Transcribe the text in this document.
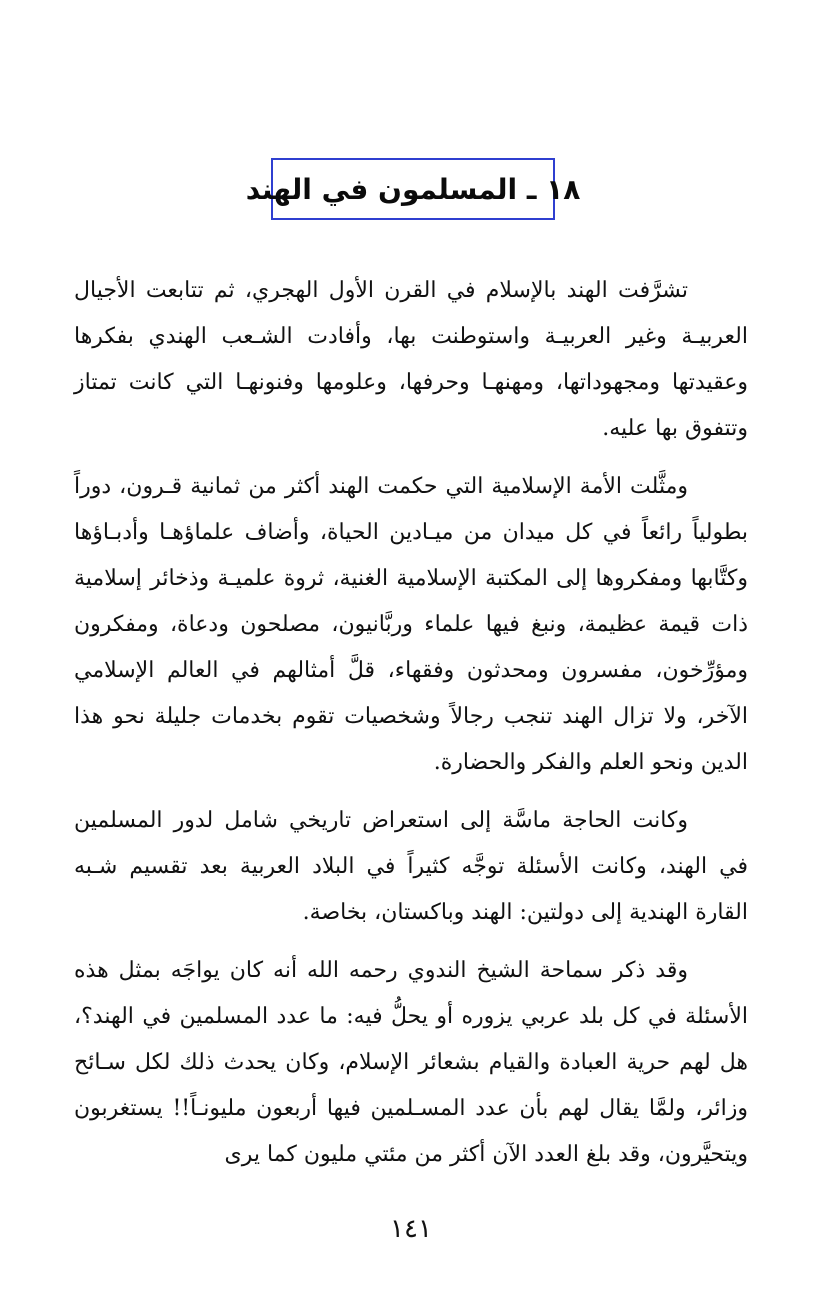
١٨ ـ المسلمون في الهند

تشرَّفت الهند بالإسلام في القرن الأول الهجري، ثم تتابعت الأجيال العربيـة وغير العربيـة واستوطنت بها، وأفادت الشـعب الهندي بفكرها وعقيدتها ومجهوداتها، ومهنهـا وحرفها، وعلومها وفنونهـا التي كانت تمتاز وتتفوق بها عليه.

ومثَّلت الأمة الإسلامية التي حكمت الهند أكثر من ثمانية قـرون، دوراً بطولياً رائعاً في كل ميدان من ميـادين الحياة، وأضاف علماؤهـا وأدبـاؤها وكتَّابها ومفكروها إلى المكتبة الإسلامية الغنية، ثروة علميـة وذخائر إسلامية ذات قيمة عظيمة، ونبغ فيها علماء وربَّانيون، مصلحون ودعاة، ومفكرون ومؤرِّخون، مفسرون ومحدثون وفقهاء، قلَّ أمثالهم في العالم الإسلامي الآخر، ولا تزال الهند تنجب رجالاً وشخصيات تقوم بخدمات جليلة نحو هذا الدين ونحو العلم والفكر والحضارة.

وكانت الحاجة ماسَّة إلى استعراض تاريخي شامل لدور المسلمين في الهند، وكانت الأسئلة توجَّه كثيراً في البلاد العربية بعد تقسيم شـبه القارة الهندية إلى دولتين: الهند وباكستان، بخاصة.

وقد ذكر سماحة الشيخ الندوي رحمه الله أنه كان يواجَه بمثل هذه الأسئلة في كل بلد عربي يزوره أو يحلُّ فيه: ما عدد المسلمين في الهند؟، هل لهم حرية العبادة والقيام بشعائر الإسلام، وكان يحدث ذلك لكل سـائح وزائر، ولمَّا يقال لهم بأن عدد المسـلمين فيها أربعون مليونـاً!! يستغربون ويتحيَّرون، وقد بلغ العدد الآن أكثر من مئتي مليون كما يرى

١٤١
